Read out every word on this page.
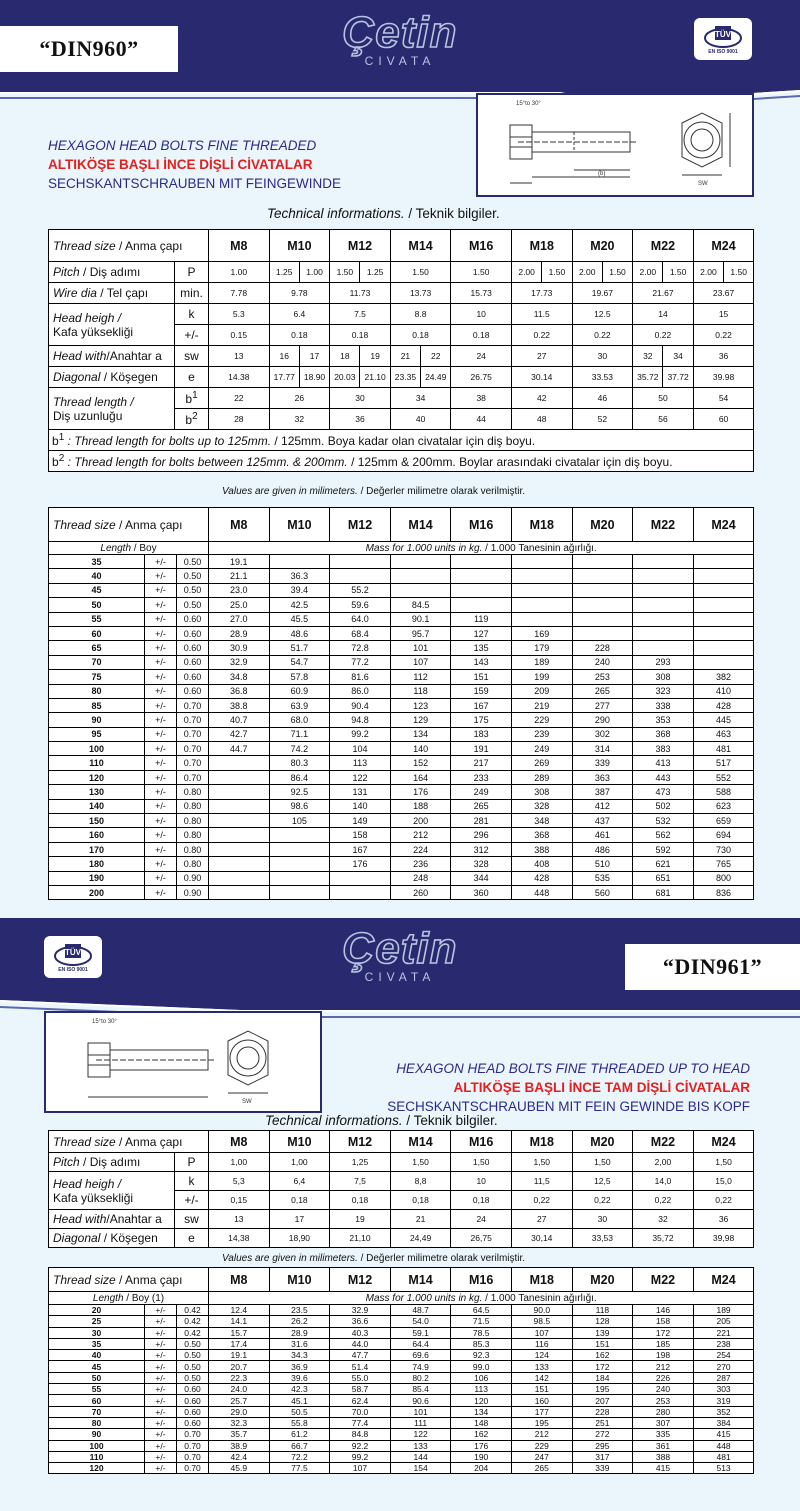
“DIN960”	Çetin
CIVATA
TÜV
EN ISO 9001
15°to 30°
(b)
SW
HEXAGON HEAD BOLTS FINE THREADED
ALTIKÖŞE BAŞLI İNCE DİŞLİ CİVATALAR
SECHSKANTSCHRAUBEN MIT FEINGEWINDE
Technical informations. / Teknik bilgiler.
Thread size / Anma çapı		M8	M10	M12	M14	M16	M18	M20	M22	M24
Pitch / Diş adımı	P	1.00	1.25 1.00	1.50 1.25	1.50	1.50	2.00 1.50	2.00 1.50	2.00 1.50	2.00 1.50

Wire dia / Tel çapı	min.	7.78	9.78	11.73	13.73	15.73	17.73	19.67	21.67	23.67

Head heigh /
Kafa yüksekliği	k	5.3	6.4	7.5	8.8	10	11.5	12.5	14	15
	+/-	0.15	0.18	0.18	0.18	0.18	0.22	0.22	0.22	0.22
Head with/Anahtar a	sw	13	16 17	18 19	21 22	24	27	30	32 34	36
Diagonal / Köşegen	e	14.38	17.77 18.90	20.03 21.10	23.35 24.49	26.75	30.14	33.53	35.72 37.72	39.98

Thread length /
Diş uzunluğu	$b^1$	22	26	30	34	38	42	46	50	54
	$b^2$	28	32	36	40	44	48	52	56	60
$b^1$ : Thread length for bolts up to 125mm. / 125mm. Boya kadar olan civatalar için diş boyu.										
$b^2$ : Thread length for bolts between 125mm. & 200mm. / 125mm & 200mm. Boylar arasındaki civatalar için diş boyu.										
Values are given in milimeters. / Değerler milimetre olarak verilmiştir.
Thread size / Anma çapı			M8	M10	M12	M14	M16	M18	M20	M22	M24
Length / Boy			Mass for 1.000 units in kg. / 1.000 Tanesinin ağırlığı.								
35	+/-	0.50	19.1								
40	+/-	0.50	21.1	36.3							
45	+/-	0.50	23.0	39.4	55.2						
50	+/-	0.50	25.0	42.5	59.6	84.5					
55	+/-	0.60	27.0	45.5	64.0	90.1	119				
60	+/-	0.60	28.9	48.6	68.4	95.7	127	169			
65	+/-	0.60	30.9	51.7	72.8	101	135	179	228		
70	+/-	0.60	32.9	54.7	77.2	107	143	189	240	293	
75	+/-	0.60	34.8	57.8	81.6	112	151	199	253	308	382
80	+/-	0.60	36.8	60.9	86.0	118	159	209	265	323	410
85	+/-	0.70	38.8	63.9	90.4	123	167	219	277	338	428
90	+/-	0.70	40.7	68.0	94.8	129	175	229	290	353	445
95	+/-	0.70	42.7	71.1	99.2	134	183	239	302	368	463
100	+/-	0.70	44.7	74.2	104	140	191	249	314	383	481
110	+/-	0.70		80.3	113	152	217	269	339	413	517
120	+/-	0.70		86.4	122	164	233	289	363	443	552
130	+/-	0.80		92.5	131	176	249	308	387	473	588
140	+/-	0.80		98.6	140	188	265	328	412	502	623
150	+/-	0.80		105	149	200	281	348	437	532	659
160	+/-	0.80			158	212	296	368	461	562	694
170	+/-	0.80			167	224	312	388	486	592	730
180	+/-	0.80			176	236	328	408	510	621	765
190	+/-	0.90				248	344	428	535	651	800
200	+/-	0.90				260	360	448	560	681	836
“DIN961”
Çetin
CIVATA
TÜV
EN ISO 9001
15°to 30°
SW
HEXAGON HEAD BOLTS FINE THREADED UP TO HEAD
ALTIKÖŞE BAŞLI İNCE TAM DİŞLİ CİVATALAR
SECHSKANTSCHRAUBEN MIT FEIN GEWINDE BIS KOPF
Technical informations. / Teknik bilgiler.
Thread size / Anma çapı		M8	M10	M12	M14	M16	M18	M20	M22	M24
Pitch / Diş adımı	P	1,00	1,00	1,25	1,50	1,50	1,50	1,50	2,00	1,50

Head heigh /
Kafa yüksekliği	k	5,3	6,4	7,5	8,8	10	11,5	12,5	14,0	15,0
	+/-	0,15	0,18	0,18	0,18	0,18	0,22	0,22	0,22	0,22
Head with/Anahtar a	sw	13	17	19	21	24	27	30	32	36
Diagonal / Köşegen	e	14,38	18,90	21,10	24,49	26,75	30,14	33,53	35,72	39,98
Values are given in milimeters. / Değerler milimetre olarak verilmiştir.
Thread size / Anma çapı			M8	M10	M12	M14	M16	M18	M20	M22	M24
Length / Boy (1)			Mass for 1.000 units in kg. / 1.000 Tanesinin ağırlığı.								
20	+/-	0.42	12.4	23.5	32.9	48.7	64.5	90.0	118	146	189
25	+/-	0.42	14.1	26.2	36.6	54.0	71.5	98.5	128	158	205
30	+/-	0.42	15.7	28.9	40.3	59.1	78.5	107	139	172	221
35	+/-	0.50	17.4	31.6	44.0	64.4	85.3	116	151	185	238
40	+/-	0.50	19.1	34.3	47.7	69.6	92.3	124	162	198	254
45	+/-	0.50	20.7	36.9	51.4	74.9	99.0	133	172	212	270
50	+/-	0.50	22.3	39.6	55.0	80.2	106	142	184	226	287
55	+/-	0.60	24.0	42.3	58.7	85.4	113	151	195	240	303
60	+/-	0.60	25.7	45.1	62.4	90.6	120	160	207	253	319
70	+/-	0.60	29.0	50.5	70.0	101	134	177	228	280	352
80	+/-	0.60	32.3	55.8	77.4	111	148	195	251	307	384
90	+/-	0.70	35.7	61.2	84.8	122	162	212	272	335	415
100	+/-	0.70	38.9	66.7	92.2	133	176	229	295	361	448
110	+/-	0.70	42.4	72.2	99.2	144	190	247	317	388	481
120	+/-	0.70	45.9	77.5	107	154	204	265	339	415	513
